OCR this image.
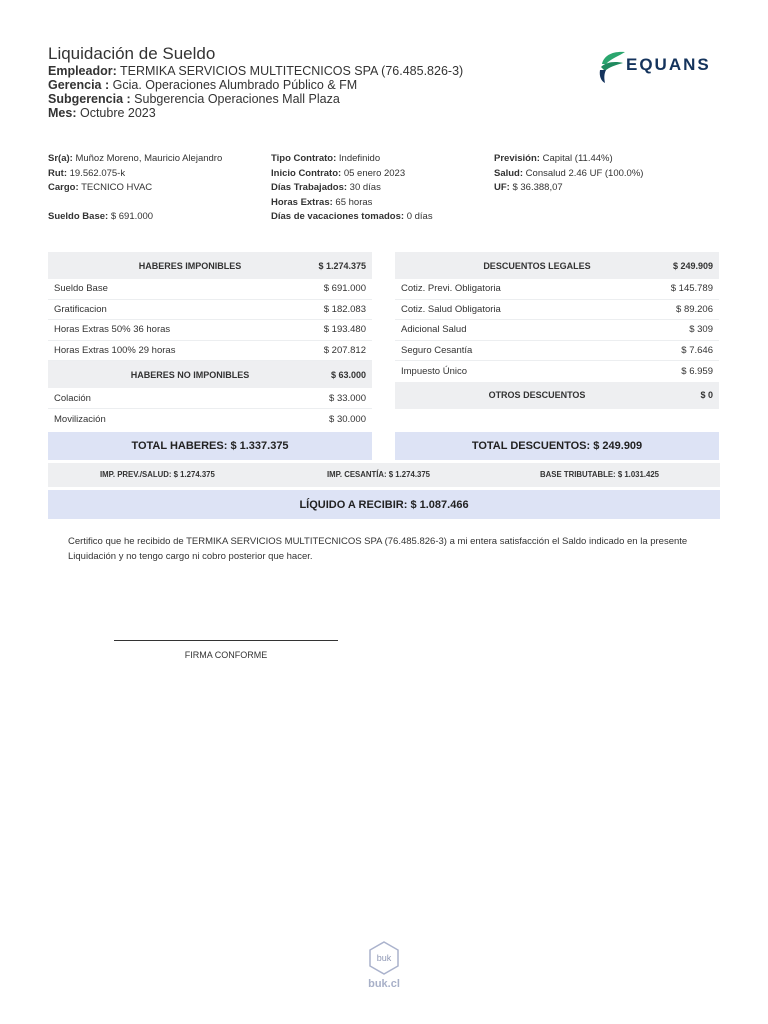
Liquidación de Sueldo
Empleador: TERMIKA SERVICIOS MULTITECNICOS SPA (76.485.826-3)
Gerencia : Gcia. Operaciones Alumbrado Público & FM
Subgerencia : Subgerencia Operaciones Mall Plaza
Mes: Octubre 2023
EQUANS
Sr(a): Muñoz Moreno, Mauricio Alejandro
Rut: 19.562.075-k
Cargo: TECNICO HVAC
Sueldo Base: $ 691.000
Tipo Contrato: Indefinido
Inicio Contrato: 05 enero 2023
Días Trabajados: 30 días
Horas Extras: 65 horas
Días de vacaciones tomados: 0 días
Previsión: Capital (11.44%)
Salud: Consalud 2.46 UF (100.0%)
UF: $ 36.388,07
HABERES IMPONIBLES	$ 1.274.375
Sueldo Base	$ 691.000
Gratificacion	$ 182.083
Horas Extras 50% 36 horas	$ 193.480
Horas Extras 100% 29 horas	$ 207.812
HABERES NO IMPONIBLES	$ 63.000
Colación	$ 33.000
Movilización	$ 30.000
DESCUENTOS LEGALES	$ 249.909
Cotiz. Previ. Obligatoria	$ 145.789
Cotiz. Salud Obligatoria	$ 89.206
Adicional Salud	$ 309
Seguro Cesantía	$ 7.646
Impuesto Único	$ 6.959
OTROS DESCUENTOS	$ 0
TOTAL HABERES: $ 1.337.375	TOTAL DESCUENTOS: $ 249.909
IMP. PREV./SALUD: $ 1.274.375	IMP. CESANTÍA: $ 1.274.375	BASE TRIBUTABLE: $ 1.031.425
LÍQUIDO A RECIBIR: $ 1.087.466
Certifico que he recibido de TERMIKA SERVICIOS MULTITECNICOS SPA (76.485.826-3) a mi entera satisfacción el Saldo indicado en la presente Liquidación y no tengo cargo ni cobro posterior que hacer.
FIRMA CONFORME
buk
buk.cl
